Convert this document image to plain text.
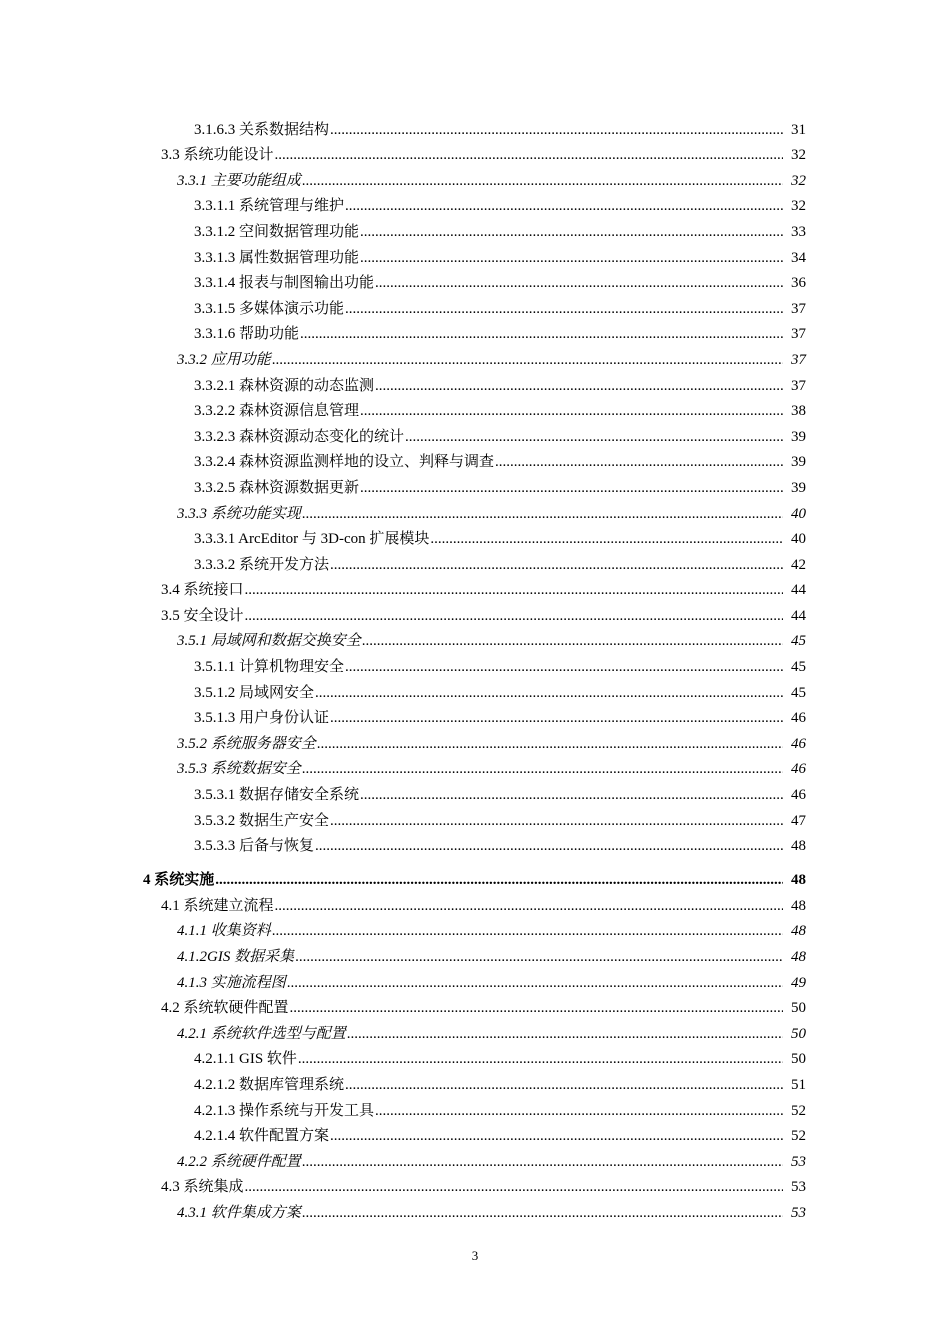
3.1.6.3 关系数据结构 .....	31
3.3 系统功能设计 .....	32
3.3.1 主要功能组成 .....	32
3.3.1.1 系统管理与维护 .....	32
3.3.1.2 空间数据管理功能 .....	33
3.3.1.3 属性数据管理功能 .....	34
3.3.1.4 报表与制图输出功能 .....	36
3.3.1.5 多媒体演示功能 .....	37
3.3.1.6 帮助功能 .....	37
3.3.2 应用功能 .....	37
3.3.2.1 森林资源的动态监测 .....	37
3.3.2.2 森林资源信息管理 .....	38
3.3.2.3 森林资源动态变化的统计 .....	39
3.3.2.4 森林资源监测样地的设立、判释与调查 .....	39
3.3.2.5 森林资源数据更新 .....	39
3.3.3 系统功能实现 .....	40
3.3.3.1 ArcEditor 与 3D-con 扩展模块 .....	40
3.3.3.2 系统开发方法 .....	42
3.4 系统接口 .....	44
3.5 安全设计 .....	44
3.5.1 局域网和数据交换安全 .....	45
3.5.1.1 计算机物理安全 .....	45
3.5.1.2 局域网安全 .....	45
3.5.1.3 用户身份认证 .....	46
3.5.2 系统服务器安全 .....	46
3.5.3 系统数据安全 .....	46
3.5.3.1 数据存储安全系统 .....	46
3.5.3.2 数据生产安全 .....	47
3.5.3.3 后备与恢复 .....	48
4 系统实施 .....	48
4.1 系统建立流程 .....	48
4.1.1 收集资料 .....	48
4.1.2GIS 数据采集 .....	48
4.1.3 实施流程图 .....	49
4.2 系统软硬件配置 .....	50
4.2.1 系统软件选型与配置 .....	50
4.2.1.1 GIS 软件 .....	50
4.2.1.2 数据库管理系统 .....	51
4.2.1.3 操作系统与开发工具 .....	52
4.2.1.4 软件配置方案 .....	52
4.2.2 系统硬件配置 .....	53
4.3 系统集成 .....	53
4.3.1 软件集成方案 .....	53
3
